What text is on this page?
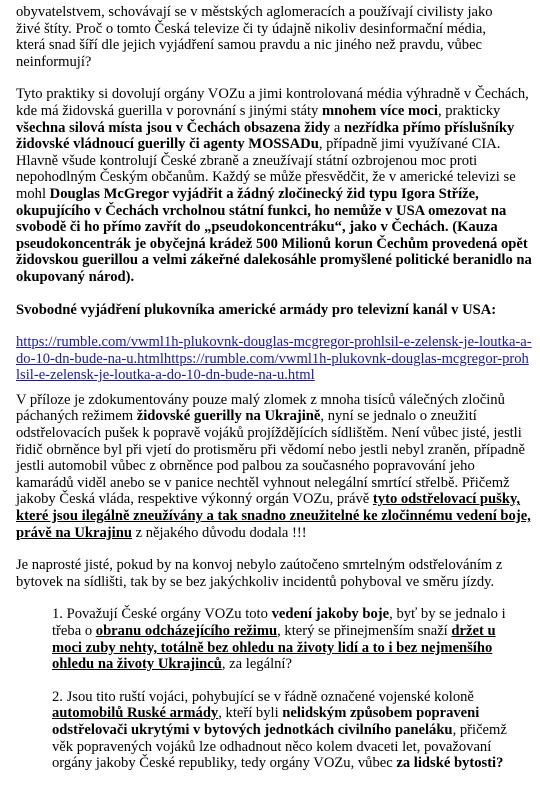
obyvatelstvem, schovávají se v městských aglomeracích a používají civilisty jako
živé štíty. Proč o tomto Česká televize či ty údajně nikoliv desinformační média,
která snad šíří dle jejich vyjádření samou pravdu a nic jiného než pravdu, vůbec
neinformují?

Tyto praktiky si dovolují orgány VOZu a jimi kontrolovaná média výhradně v Čechách, kde má židovská guerilla v porovnání s jinými státy mnohem více moci, prakticky všechna silová místa jsou v Čechách obsazena židy a nezřídka přímo příslušníky židovské vládnoucí guerilly či agenty MOSSADu, případně jimi využívané CIA. Hlavně všude kontrolují České zbraně a zneužívají státní ozbrojenou moc proti nepohodlným Českým občanům. Každý se může přesvědčit, že v americké televizi se mohl Douglas McGregor vyjádřit a žádný zločinecký žid typu Igora Stříže, okupujícího v Čechách vrcholnou státní funkci, ho nemůže v USA omezovat na svobodě či ho přímo zavřít do „pseudokoncentráku“, jako v Čechách. (Kauza pseudokoncentrák je obyčejná krádež 500 Milionů korun Čechům provedená opět židovskou guerillou a velmi zákeřné dalekosáhle promyšlené politické beranidlo na okupovaný národ).

Svobodné vyjádření plukovníka americké armády pro televizní kanál v USA:

https://rumble.com/vwml1h-plukovnk-douglas-mcgregor-prohlsil-e-zelensk-je-loutka-a-do-10-dn-bude-na-u.htmlhttps://rumble.com/vwml1h-plukovnk-douglas-mcgregor-prohlsil-e-zelensk-je-loutka-a-do-10-dn-bude-na-u.html

V příloze je zdokumentovány pouze malý zlomek z mnoha tisíců válečných zločinů páchaných režimem židovské guerilly na Ukrajině, nyní se jednalo o zneužití odstřelovacích pušek k popravě vojáků projíždějících sídlištěm. Není vůbec jisté, jestli řidič obrněnce byl při vjetí do protisměru při vědomí nebo jestli nebyl zraněn, případně jestli automobil vůbec z obrněnce pod palbou za současného popravování jeho kamarádů viděl anebo se v panice nechtěl vyhnout nelegální smrtící střelbě. Přičemž jakoby Česká vláda, respektive výkonný orgán VOZu, právě tyto odstřelovací pušky, které jsou ilegálně zneužívány a tak snadno zneužitelné ke zločinnému vedení boje, právě na Ukrajinu z nějakého důvodu dodala !!!

Je naprosté jisté, pokud by na konvoj nebylo zaútočeno smrtelným odstřelováním z bytovek na sídlišti, tak by se bez jakýchkoliv incidentů pohyboval ve směru jízdy.

1. Považují České orgány VOZu toto vedení jakoby boje, byť by se jednalo i třeba o obranu odcházejícího režimu, který se přinejmenším snaží držet u moci zuby nehty, totálně bez ohledu na životy lidí a to i bez nejmenšího ohledu na životy Ukrajinců, za legální?

2. Jsou tito ruští vojáci, pohybující se v řádně označené vojenské koloně automobilů Ruské armády, kteří byli nelidským způsobem popraveni odstřelovači ukrytými v bytových jednotkách civilního paneláku, přičemž věk popravených vojáků lze odhadnout něco kolem dvaceti let, považovaní orgány jakoby České republiky, tedy orgány VOZu, vůbec za lidské bytosti?
